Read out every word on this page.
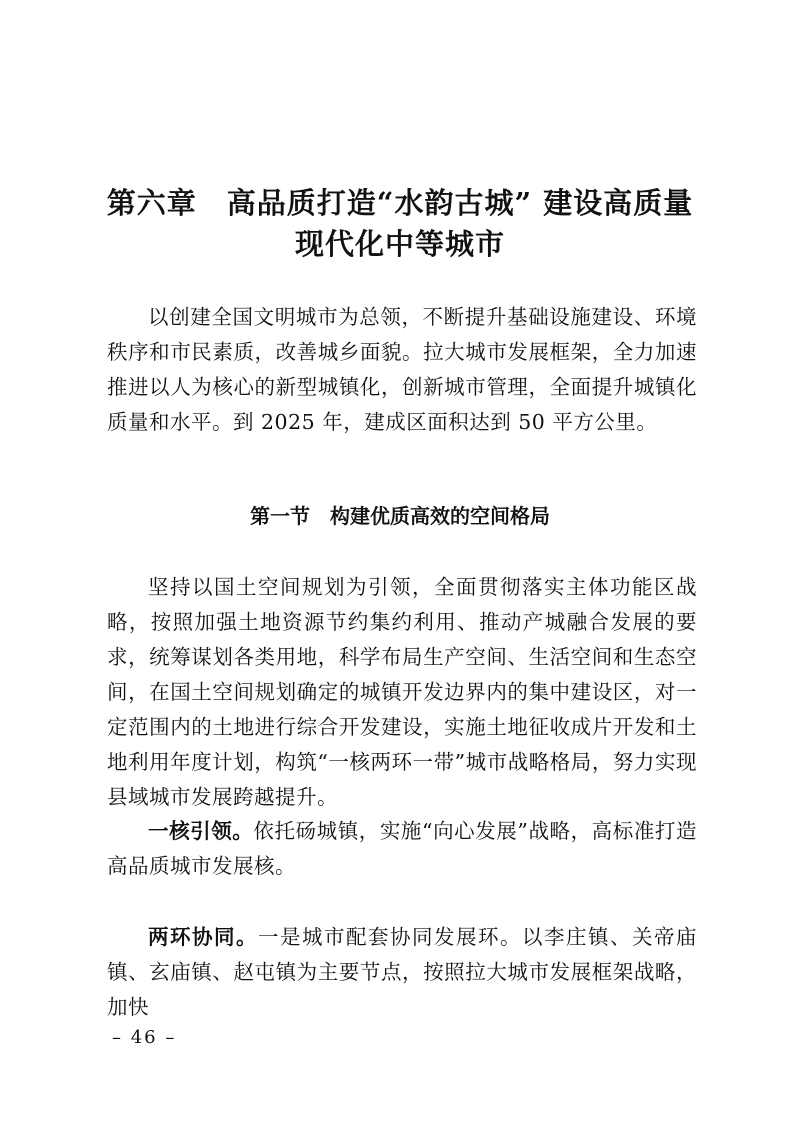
第六章　高品质打造“水韵古城” 建设高质量
现代化中等城市

以创建全国文明城市为总领，不断提升基础设施建设、环境秩序和市民素质，改善城乡面貌。拉大城市发展框架，全力加速推进以人为核心的新型城镇化，创新城市管理，全面提升城镇化质量和水平。到 2025 年，建成区面积达到 50 平方公里。

第一节　构建优质高效的空间格局

坚持以国土空间规划为引领，全面贯彻落实主体功能区战略，按照加强土地资源节约集约利用、推动产城融合发展的要求，统筹谋划各类用地，科学布局生产空间、生活空间和生态空间，在国土空间规划确定的城镇开发边界内的集中建设区，对一定范围内的土地进行综合开发建设，实施土地征收成片开发和土地利用年度计划，构筑“一核两环一带”城市战略格局，努力实现县域城市发展跨越提升。

一核引领。依托砀城镇，实施“向心发展”战略，高标准打造高品质城市发展核。

两环协同。一是城市配套协同发展环。以李庄镇、关帝庙镇、玄庙镇、赵屯镇为主要节点，按照拉大城市发展框架战略，加快

– 46 –
